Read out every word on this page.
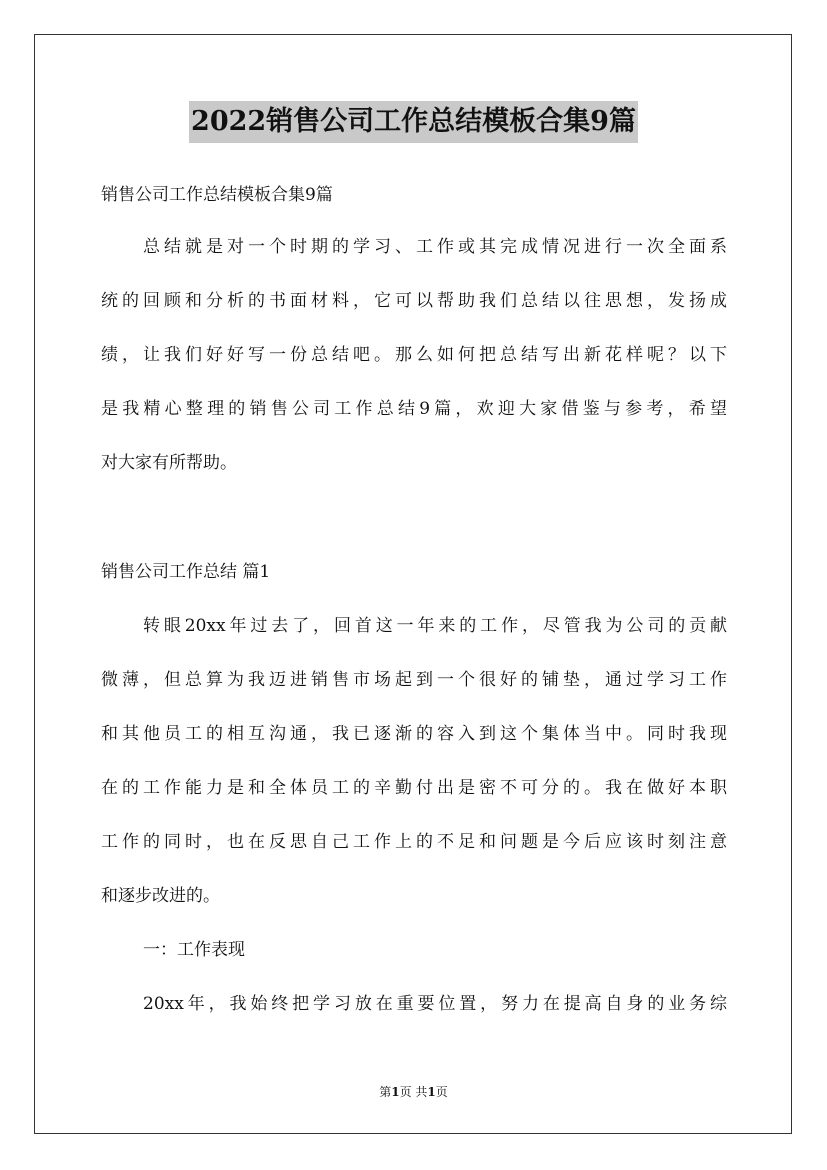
2022销售公司工作总结模板合集9篇
销售公司工作总结模板合集9篇
总结就是对一个时期的学习、工作或其完成情况进行一次全面系
统的回顾和分析的书面材料，它可以帮助我们总结以往思想，发扬成
绩，让我们好好写一份总结吧。那么如何把总结写出新花样呢？以下
是我精心整理的销售公司工作总结9篇，欢迎大家借鉴与参考，希望
对大家有所帮助。
销售公司工作总结 篇1
转眼20xx年过去了，回首这一年来的工作，尽管我为公司的贡献
微薄，但总算为我迈进销售市场起到一个很好的铺垫，通过学习工作
和其他员工的相互沟通，我已逐渐的容入到这个集体当中。同时我现
在的工作能力是和全体员工的辛勤付出是密不可分的。我在做好本职
工作的同时，也在反思自己工作上的不足和问题是今后应该时刻注意
和逐步改进的。
一：工作表现
20xx年，我始终把学习放在重要位置，努力在提高自身的业务综
第1页 共1页
